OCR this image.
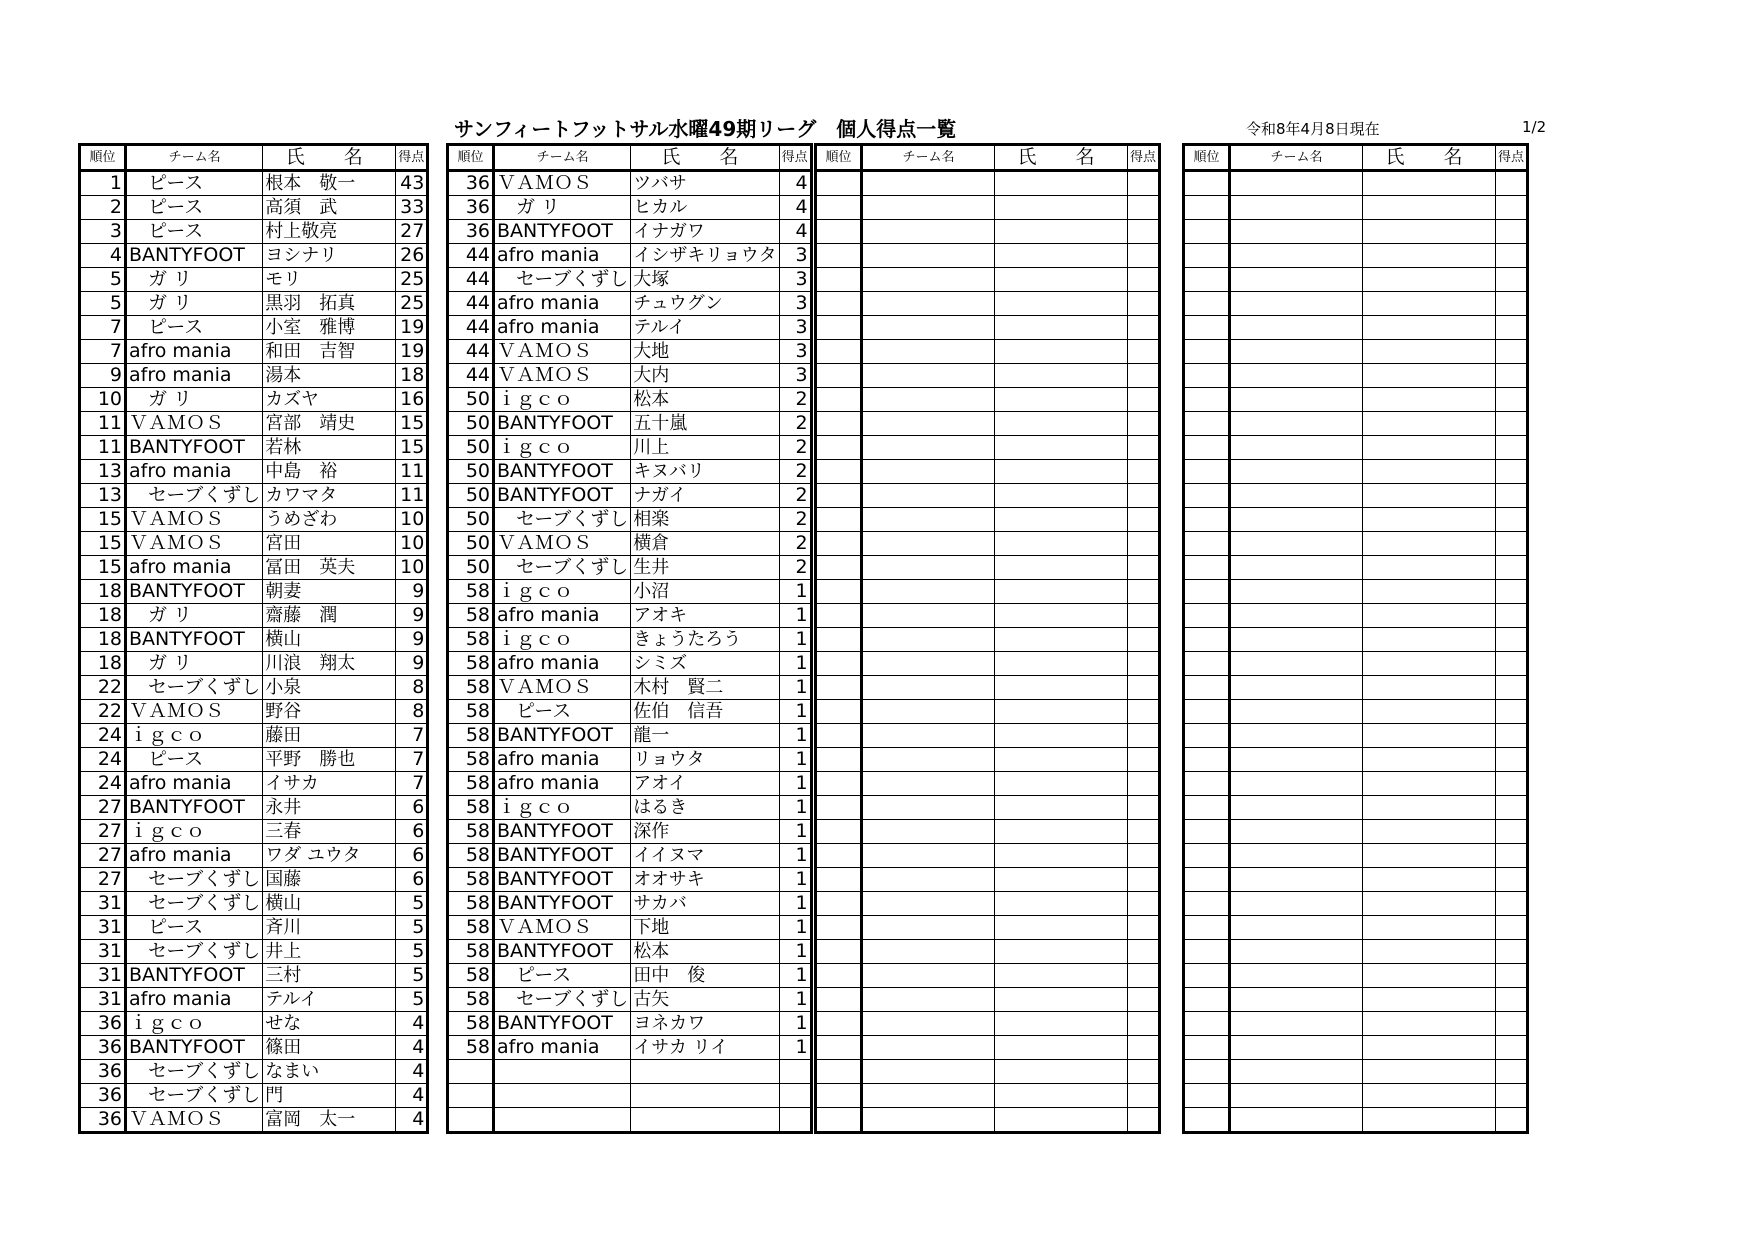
サンフィートフットサル水曜49期リーグ　個人得点一覧	令和8年4月8日現在	1/2
順位	チーム名	氏　名	得点
1	　ピース	根本　敬一	43
2	　ピース	高須　武	33
3	　ピース	村上敬亮	27
4	BANTYFOOT	ヨシナリ	26
5	　ガ リ	モリ	25
5	　ガ リ	黒羽　拓真	25
7	　ピース	小室　雅博	19
7	afro mania	和田　吉智	19
9	afro mania	湯本	18
10	　ガ リ	カズヤ	16
11	ＶＡＭＯＳ	宮部　靖史	15
11	BANTYFOOT	若林	15
13	afro mania	中島　裕	11
13	　セーブくずし	カワマタ	11
15	ＶＡＭＯＳ	うめざわ	10
15	ＶＡＭＯＳ	宮田	10
15	afro mania	冨田　英夫	10
18	BANTYFOOT	朝妻	9
18	　ガ リ	齋藤　潤	9
18	BANTYFOOT	横山	9
18	　ガ リ	川浪　翔太	9
22	　セーブくずし	小泉	8
22	ＶＡＭＯＳ	野谷	8
24	ｉｇｃｏ	藤田	7
24	　ピース	平野　勝也	7
24	afro mania	イサカ	7
27	BANTYFOOT	永井	6
27	ｉｇｃｏ	三春	6
27	afro mania	ワダ ユウタ	6
27	　セーブくずし	国藤	6
31	　セーブくずし	横山	5
31	　ピース	斉川	5
31	　セーブくずし	井上	5
31	BANTYFOOT	三村	5
31	afro mania	テルイ	5
36	ｉｇｃｏ	せな	4
36	BANTYFOOT	篠田	4
36	　セーブくずし	なまい	4
36	　セーブくずし	門	4
36	ＶＡＭＯＳ	富岡　太一	4
順位	チーム名	氏　名	得点
36	ＶＡＭＯＳ	ツバサ	4
36	　ガ リ	ヒカル	4
36	BANTYFOOT	イナガワ	4
44	afro mania	イシザキリョウタ	3
44	　セーブくずし	大塚	3
44	afro mania	チュウグン	3
44	afro mania	テルイ	3
44	ＶＡＭＯＳ	大地	3
44	ＶＡＭＯＳ	大内	3
50	ｉｇｃｏ	松本	2
50	BANTYFOOT	五十嵐	2
50	ｉｇｃｏ	川上	2
50	BANTYFOOT	キヌバリ	2
50	BANTYFOOT	ナガイ	2
50	　セーブくずし	相楽	2
50	ＶＡＭＯＳ	横倉	2
50	　セーブくずし	生井	2
58	ｉｇｃｏ	小沼	1
58	afro mania	アオキ	1
58	ｉｇｃｏ	きょうたろう	1
58	afro mania	シミズ	1
58	ＶＡＭＯＳ	木村　賢二	1
58	　ピース	佐伯　信吾	1
58	BANTYFOOT	龍一	1
58	afro mania	リョウタ	1
58	afro mania	アオイ	1
58	ｉｇｃｏ	はるき	1
58	BANTYFOOT	深作	1
58	BANTYFOOT	イイヌマ	1
58	BANTYFOOT	オオサキ	1
58	BANTYFOOT	サカバ	1
58	ＶＡＭＯＳ	下地	1
58	BANTYFOOT	松本	1
58	　ピース	田中　俊	1
58	　セーブくずし	古矢	1
58	BANTYFOOT	ヨネカワ	1
58	afro mania	イサカ リイ	1

順位	チーム名	氏　名	得点

				順位	チーム名	氏　名	得点
